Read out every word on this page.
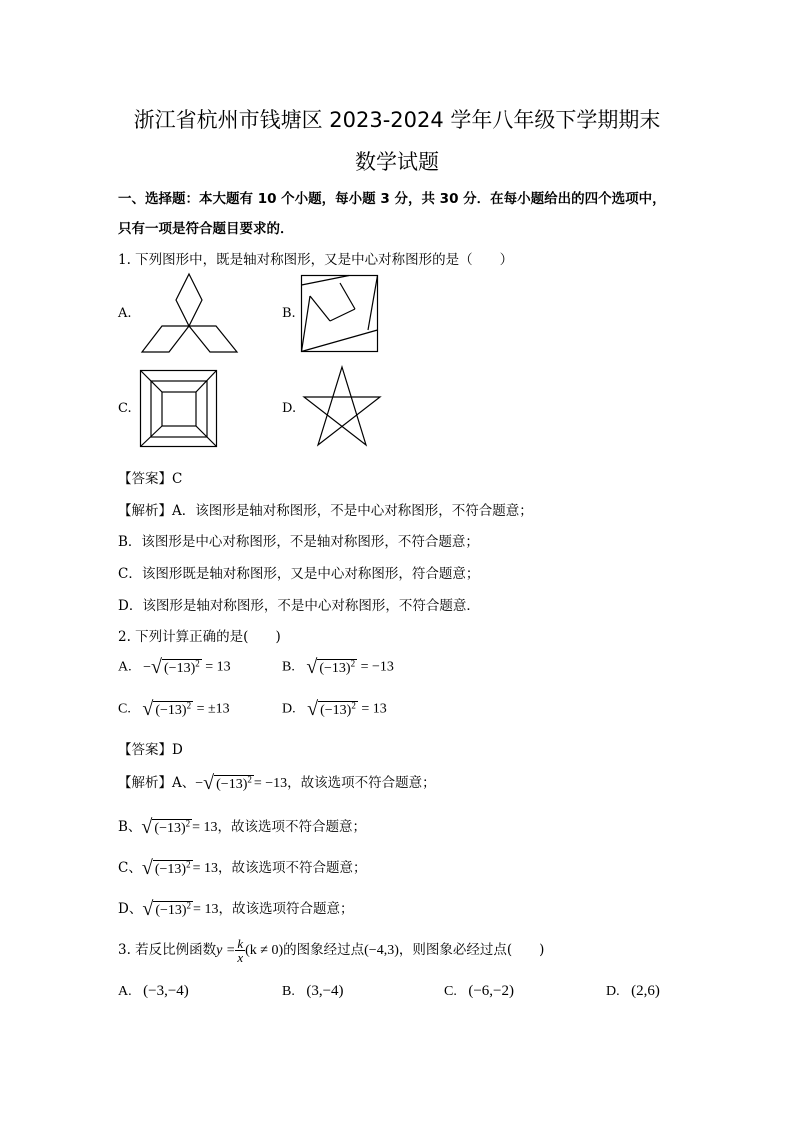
浙江省杭州市钱塘区 2023-2024 学年八年级下学期期末
数学试题
一、选择题：本大题有 10 个小题，每小题 3 分，共 30 分．在每小题给出的四个选项中，
只有一项是符合题目要求的．
1. 下列图形中，既是轴对称图形，又是中心对称图形的是（　　）
A.	B.
C.	D.
【答案】C
【解析】A．该图形是轴对称图形，不是中心对称图形，不符合题意；
B．该图形是中心对称图形，不是轴对称图形，不符合题意；
C．该图形既是轴对称图形，又是中心对称图形，符合题意；
D．该图形是轴对称图形，不是中心对称图形，不符合题意．
2. 下列计算正确的是(　　)
A. −√ $(-13)^2 = 13$	B. √ $(-13)^2 = -13$
C. √ $(-13)^2 = \pm 13$	D. √ $(-13)^2 = 13$
【答案】D
【解析】A、−√ $(-13)^2 = -13$，故该选项不符合题意；
B、√ $(-13)^2 = 13$，故该选项不符合题意；
C、√ $(-13)^2 = 13$，故该选项不符合题意；
D、√ $(-13)^2 = 13$，故该选项符合题意；
3. 若反比例函数$y = \frac{k}{x} (k \ne 0)$的图象经过点(−4,3)，则图象必经过点(　　)
A. (−3,−4)	B. (3,−4)	C. (−6,−2)	D. (2,6)
